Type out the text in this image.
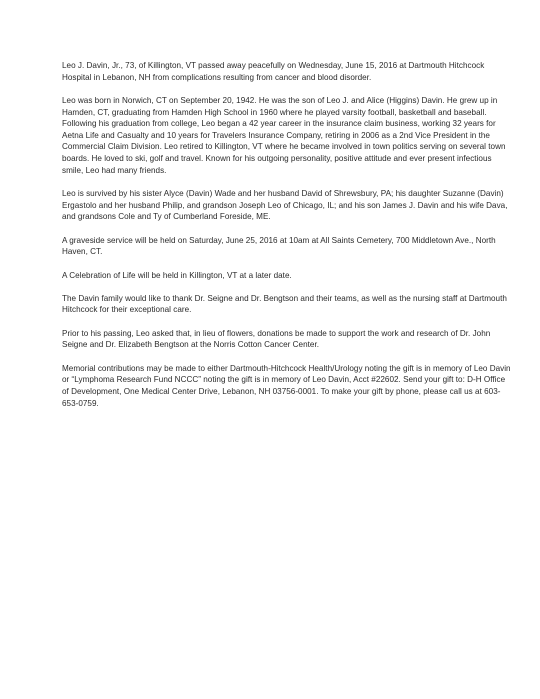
Leo J. Davin, Jr., 73, of Killington, VT passed away peacefully on Wednesday, June 15, 2016 at Dartmouth Hitchcock Hospital in Lebanon, NH from complications resulting from cancer and blood disorder.

Leo was born in Norwich, CT on September 20, 1942. He was the son of Leo J. and Alice (Higgins) Davin. He grew up in Hamden, CT, graduating from Hamden High School in 1960 where he played varsity football, basketball and baseball. Following his graduation from college, Leo began a 42 year career in the insurance claim business, working 32 years for Aetna Life and Casualty and 10 years for Travelers Insurance Company, retiring in 2006 as a 2nd Vice President in the Commercial Claim Division. Leo retired to Killington, VT where he became involved in town politics serving on several town boards. He loved to ski, golf and travel. Known for his outgoing personality, positive attitude and ever present infectious smile, Leo had many friends.

Leo is survived by his sister Alyce (Davin) Wade and her husband David of Shrewsbury, PA; his daughter Suzanne (Davin) Ergastolo and her husband Philip, and grandson Joseph Leo of Chicago, IL; and his son James J. Davin and his wife Dava, and grandsons Cole and Ty of Cumberland Foreside, ME.

A graveside service will be held on Saturday, June 25, 2016 at 10am at All Saints Cemetery, 700 Middletown Ave., North Haven, CT.

A Celebration of Life will be held in Killington, VT at a later date.

The Davin family would like to thank Dr. Seigne and Dr. Bengtson and their teams, as well as the nursing staff at Dartmouth Hitchcock for their exceptional care.

Prior to his passing, Leo asked that, in lieu of flowers, donations be made to support the work and research of Dr. John Seigne and Dr. Elizabeth Bengtson at the Norris Cotton Cancer Center.

Memorial contributions may be made to either Dartmouth-Hitchcock Health/Urology noting the gift is in memory of Leo Davin or “Lymphoma Research Fund NCCC” noting the gift is in memory of Leo Davin, Acct #22602. Send your gift to: D-H Office of Development, One Medical Center Drive, Lebanon, NH 03756-0001. To make your gift by phone, please call us at 603-653-0759.
